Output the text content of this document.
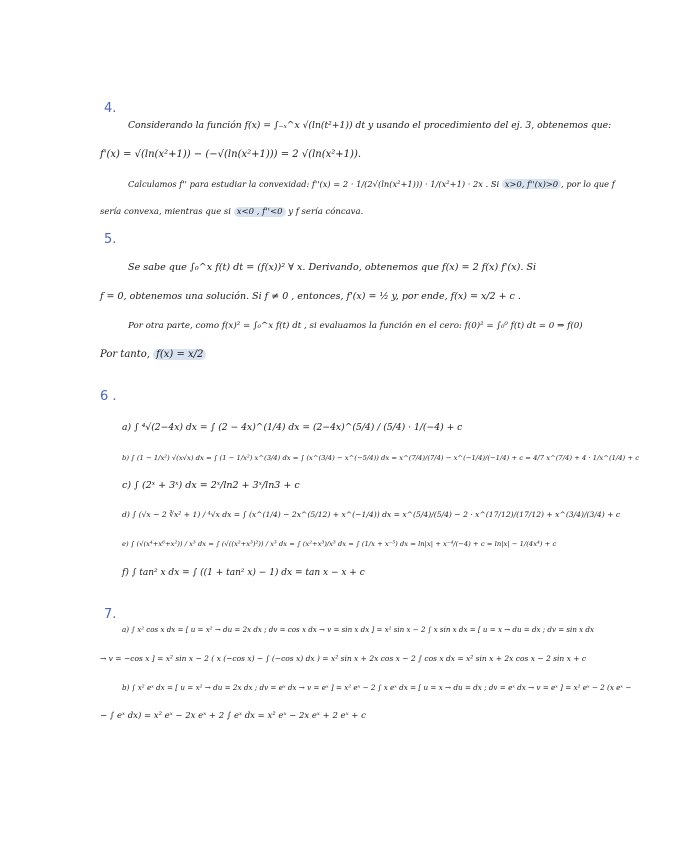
4.
Considerando la función f(x) = ∫₋ₓ^x √(ln(t²+1)) dt y usando el procedimiento del ej. 3, obtenemos que:
f'(x) = √(ln(x²+1)) − (−√(ln(x²+1))) = 2 √(ln(x²+1)).
Calculamos f'' para estudiar la convexidad: f''(x) = 2 · 1/(2√(ln(x²+1))) · 1/(x²+1) · 2x . Si x>0, f''(x)>0 , por lo que f
sería convexa, mientras que si x<0 , f''<0 y f sería cóncava.
5.
Se sabe que ∫₀^x f(t) dt = (f(x))² ∀ x. Derivando, obtenemos que f(x) = 2 f(x) f'(x). Si
f = 0, obtenemos una solución. Si f ≠ 0 , entonces, f'(x) = ½ y, por ende, f(x) = x/2 + c .
Por otra parte, como f(x)² = ∫₀^x f(t) dt , si evaluamos la función en el cero: f(0)² = ∫₀⁰ f(t) dt = 0 ⇒ f(0)
Por tanto, f(x) = x/2
6 .
a) ∫ ⁴√(2−4x) dx = ∫ (2 − 4x)^(1/4) dx = (2−4x)^(5/4) / (5/4) · 1/(−4) + c
b) ∫ (1 − 1/x²) √(x√x) dx = ∫ (1 − 1/x²) x^(3/4) dx = ∫ (x^(3/4) − x^(−5/4)) dx = x^(7/4)/(7/4) − x^(−1/4)/(−1/4) + c = 4/7 x^(7/4) + 4 · 1/x^(1/4) + c
c) ∫ (2ˣ + 3ˣ) dx = 2ˣ/ln2 + 3ˣ/ln3 + c
d) ∫ (√x − 2 ∛x² + 1) / ⁴√x dx = ∫ (x^(1/4) − 2x^(5/12) + x^(−1/4)) dx = x^(5/4)/(5/4) − 2 · x^(17/12)/(17/12) + x^(3/4)/(3/4) + c
e) ∫ (√(x⁴+x⁶+x²)) / x³ dx = ∫ (√((x²+x³)²)) / x³ dx = ∫ (x²+x³)/x³ dx = ∫ (1/x + x⁻⁵) dx = ln|x| + x⁻⁴/(−4) + c = ln|x| − 1/(4x⁴) + c
f) ∫ tan² x dx = ∫ ((1 + tan² x) − 1) dx = tan x − x + c
7.
a) ∫ x² cos x dx = [ u = x² → du = 2x dx ; dv = cos x dx → v = sin x dx ] = x² sin x − 2 ∫ x sin x dx = [ u = x → du = dx ; dv = sin x dx
→ v = −cos x ] = x² sin x − 2 ( x (−cos x) − ∫ (−cos x) dx ) = x² sin x + 2x cos x − 2 ∫ cos x dx = x² sin x + 2x cos x − 2 sin x + c
b) ∫ x² eˣ dx = [ u = x² → du = 2x dx ; dv = eˣ dx → v = eˣ ] = x² eˣ − 2 ∫ x eˣ dx = [ u = x → du = dx ; dv = eˣ dx → v = eˣ ] = x² eˣ − 2 (x eˣ −
− ∫ eˣ dx) = x² eˣ − 2x eˣ + 2 ∫ eˣ dx = x² eˣ − 2x eˣ + 2 eˣ + c
